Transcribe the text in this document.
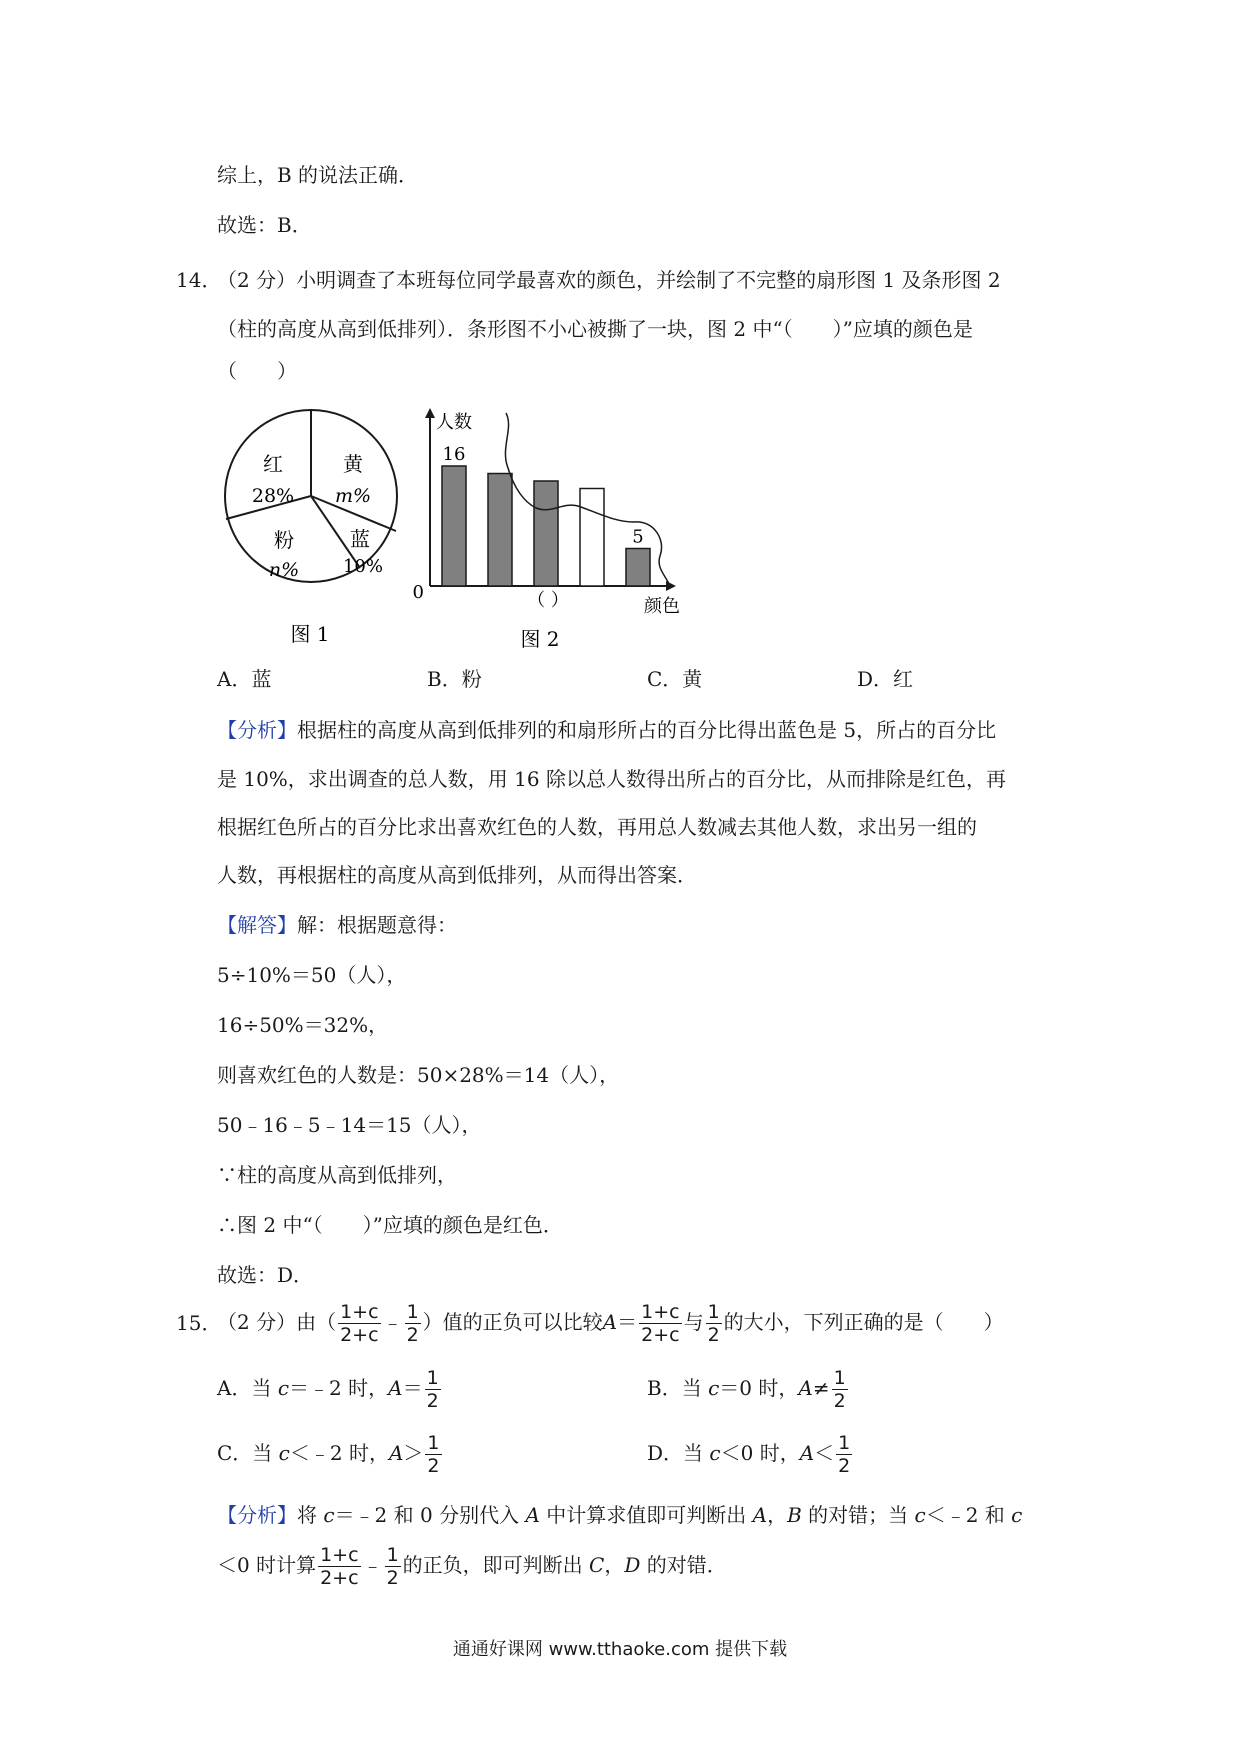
综上，B 的说法正确．
故选：B．
14．
（2 分）小明调查了本班每位同学最喜欢的颜色，并绘制了不完整的扇形图 1 及条形图 2
（柱的高度从高到低排列）．条形图不小心被撕了一块，图 2 中“（　　）”应填的颜色是
（　　）
红
28%
黄
m%
蓝
10%
粉
n%
图 1
0
人数
颜色
（ ）
16
5
图 2
A．蓝	B．粉	C．黄	D．红
【分析】根据柱的高度从高到低排列的和扇形所占的百分比得出蓝色是 5，所占的百分比
是 10%，求出调查的总人数，用 16 除以总人数得出所占的百分比，从而排除是红色，再
根据红色所占的百分比求出喜欢红色的人数，再用总人数减去其他人数，求出另一组的
人数，再根据柱的高度从高到低排列，从而得出答案．
【解答】解：根据题意得：
5÷10%＝50（人），
16÷50%＝32%，
则喜欢红色的人数是：50×28%＝14（人），
50﹣16﹣5﹣14＝15（人），
∵柱的高度从高到低排列，
∴图 2 中“（　　）”应填的颜色是红色．
故选：D．
15．
（2 分）由（ $\frac{1+c}{2+c}$ ﹣ $\frac{1}{2}$ ）值的正负可以比较$A= \frac{1+c}{2+c}$ 与 $\frac{1}{2}$ 的大小，下列正确的是（　　）
A．当 c＝﹣2 时，$A= \frac{1}{2}$	B．当 c＝0 时，$A\ne \frac{1}{2}$
C．当 c＜﹣2 时，$A> \frac{1}{2}$	D．当 c＜0 时，$A< \frac{1}{2}$
【分析】将 c＝﹣2 和 0 分别代入 A 中计算求值即可判断出 A，B 的对错；当 c＜﹣2 和 c
＜0 时计算 $\frac{1+c}{2+c}$ ﹣ $\frac{1}{2}$ 的正负，即可判断出 C，D 的对错．
通通好课网 www.tthaoke.com 提供下载
